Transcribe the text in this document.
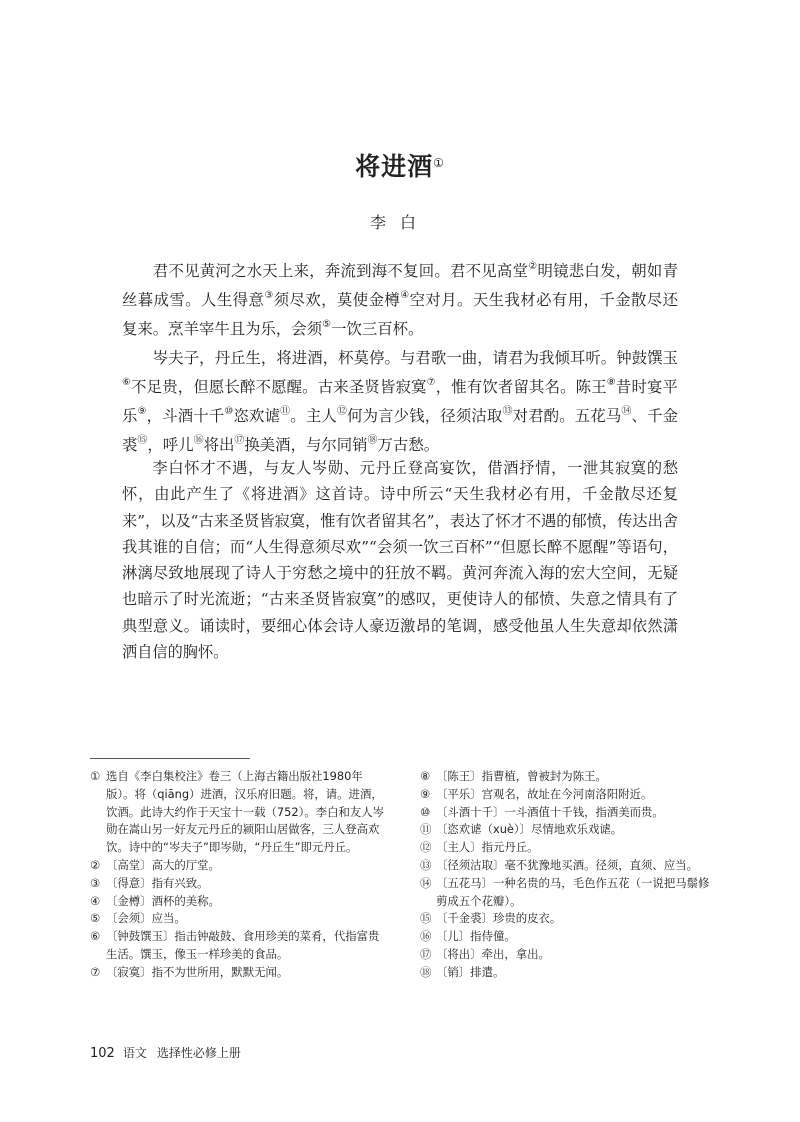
将进酒①
李白

君不见黄河之水天上来，奔流到海不复回。君不见高堂②明镜悲白发，朝如青丝暮成雪。人生得意③须尽欢，莫使金樽④空对月。天生我材必有用，千金散尽还复来。烹羊宰牛且为乐，会须⑤一饮三百杯。

岑夫子，丹丘生，将进酒，杯莫停。与君歌一曲，请君为我倾耳听。钟鼓馔玉⑥不足贵，但愿长醉不愿醒。古来圣贤皆寂寞⑦，惟有饮者留其名。陈王⑧昔时宴平乐⑨，斗酒十千⑩恣欢谑⑪。主人⑫何为言少钱，径须沽取⑬对君酌。五花马⑭、千金裘⑮，呼儿⑯将出⑰换美酒，与尔同销⑱万古愁。

李白怀才不遇，与友人岑勋、元丹丘登高宴饮，借酒抒情，一泄其寂寞的愁怀，由此产生了《将进酒》这首诗。诗中所云“天生我材必有用，千金散尽还复来”，以及“古来圣贤皆寂寞，惟有饮者留其名”，表达了怀才不遇的郁愤，传达出舍我其谁的自信；而“人生得意须尽欢”“会须一饮三百杯”“但愿长醉不愿醒”等语句，淋漓尽致地展现了诗人于穷愁之境中的狂放不羁。黄河奔流入海的宏大空间，无疑也暗示了时光流逝；“古来圣贤皆寂寞”的感叹，更使诗人的郁愤、失意之情具有了典型意义。诵读时，要细心体会诗人豪迈激昂的笔调，感受他虽人生失意却依然潇洒自信的胸怀。

① 选自《李白集校注》卷三（上海古籍出版社1980年版）。将（qiāng）进酒，汉乐府旧题。将，请。进酒，饮酒。此诗大约作于天宝十一载（752）。李白和友人岑勋在嵩山另一好友元丹丘的颍阳山居做客，三人登高欢饮。诗中的“岑夫子”即岑勋，“丹丘生”即元丹丘。
② 〔高堂〕高大的厅堂。
③ 〔得意〕指有兴致。
④ 〔金樽〕酒杯的美称。
⑤ 〔会须〕应当。
⑥ 〔钟鼓馔玉〕指击钟敲鼓、食用珍美的菜肴，代指富贵生活。馔玉，像玉一样珍美的食品。
⑦ 〔寂寞〕指不为世所用，默默无闻。
⑧ 〔陈王〕指曹植，曾被封为陈王。
⑨ 〔平乐〕宫观名，故址在今河南洛阳附近。
⑩ 〔斗酒十千〕一斗酒值十千钱，指酒美而贵。
⑪ 〔恣欢谑（xuè）〕尽情地欢乐戏谑。
⑫ 〔主人〕指元丹丘。
⑬ 〔径须沽取〕毫不犹豫地买酒。径须，直须、应当。
⑭ 〔五花马〕一种名贵的马，毛色作五花（一说把马鬃修剪成五个花瓣）。
⑮ 〔千金裘〕珍贵的皮衣。
⑯ 〔儿〕指侍僮。
⑰ 〔将出〕牵出，拿出。
⑱ 〔销〕排遣。
102 语文 选择性必修上册
